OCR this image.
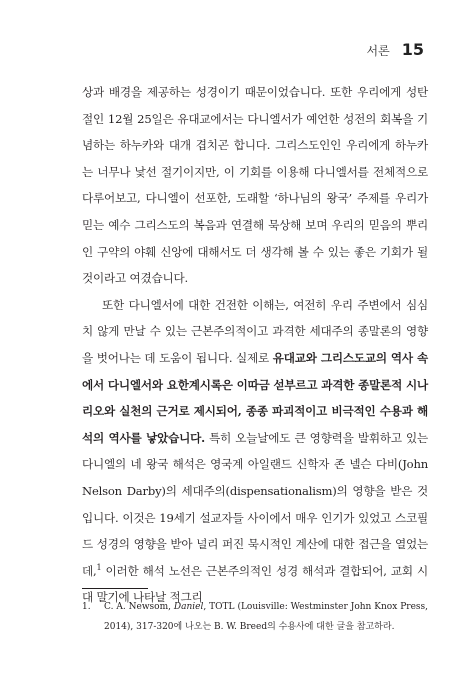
서론 15

상과 배경을 제공하는 성경이기 때문이었습니다. 또한 우리에게 성탄절인 12월 25일은 유대교에서는 다니엘서가 예언한 성전의 회복을 기념하는 하누카와 대개 겹치곤 합니다. 그리스도인인 우리에게 하누카는 너무나 낯선 절기이지만, 이 기회를 이용해 다니엘서를 전체적으로 다루어보고, 다니엘이 선포한, 도래할 ‘하나님의 왕국’ 주제를 우리가 믿는 예수 그리스도의 복음과 연결해 묵상해 보며 우리의 믿음의 뿌리인 구약의 야훼 신앙에 대해서도 더 생각해 볼 수 있는 좋은 기회가 될 것이라고 여겼습니다.

또한 다니엘서에 대한 건전한 이해는, 여전히 우리 주변에서 심심치 않게 만날 수 있는 근본주의적이고 과격한 세대주의 종말론의 영향을 벗어나는 데 도움이 됩니다. 실제로 유대교와 그리스도교의 역사 속에서 다니엘서와 요한계시록은 이따금 섣부르고 과격한 종말론적 시나리오와 실천의 근거로 제시되어, 종종 파괴적이고 비극적인 수용과 해석의 역사를 낳았습니다. 특히 오늘날에도 큰 영향력을 발휘하고 있는 다니엘의 네 왕국 해석은 영국계 아일랜드 신학자 존 넬슨 다비(John Nelson Darby)의 세대주의(dispensationalism)의 영향을 받은 것입니다. 이것은 19세기 설교자들 사이에서 매우 인기가 있었고 스코필드 성경의 영향을 받아 널리 퍼진 묵시적인 계산에 대한 접근을 열었는데,$^1$ 이러한 해석 노선은 근본주의적인 성경 해석과 결합되어, 교회 시대 말기에 나타날 적그리

1.	C. A. Newsom, Daniel, TOTL (Louisville: Westminster John Knox Press, 2014), 317-320에 나오는 B. W. Breed의 수용사에 대한 글을 참고하라.
